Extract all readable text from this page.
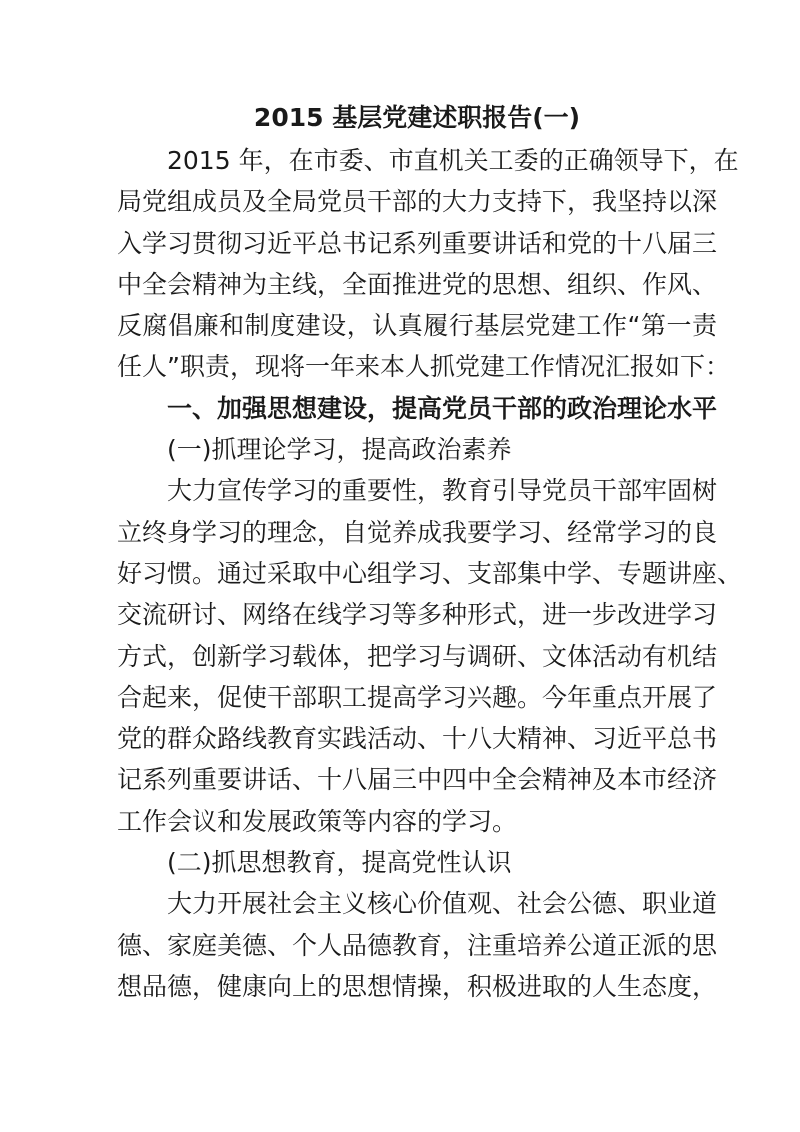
2015 基层党建述职报告(一)

2015 年，在市委、市直机关工委的正确领导下，在

局党组成员及全局党员干部的大力支持下，我坚持以深

入学习贯彻习近平总书记系列重要讲话和党的十八届三

中全会精神为主线，全面推进党的思想、组织、作风、

反腐倡廉和制度建设，认真履行基层党建工作“第一责

任人”职责，现将一年来本人抓党建工作情况汇报如下：

一、加强思想建设，提高党员干部的政治理论水平

(一)抓理论学习，提高政治素养

大力宣传学习的重要性，教育引导党员干部牢固树

立终身学习的理念，自觉养成我要学习、经常学习的良

好习惯。通过采取中心组学习、支部集中学、专题讲座、

交流研讨、网络在线学习等多种形式，进一步改进学习

方式，创新学习载体，把学习与调研、文体活动有机结

合起来，促使干部职工提高学习兴趣。今年重点开展了

党的群众路线教育实践活动、十八大精神、习近平总书

记系列重要讲话、十八届三中四中全会精神及本市经济

工作会议和发展政策等内容的学习。

(二)抓思想教育，提高党性认识

大力开展社会主义核心价值观、社会公德、职业道

德、家庭美德、个人品德教育，注重培养公道正派的思

想品德，健康向上的思想情操，积极进取的人生态度，
